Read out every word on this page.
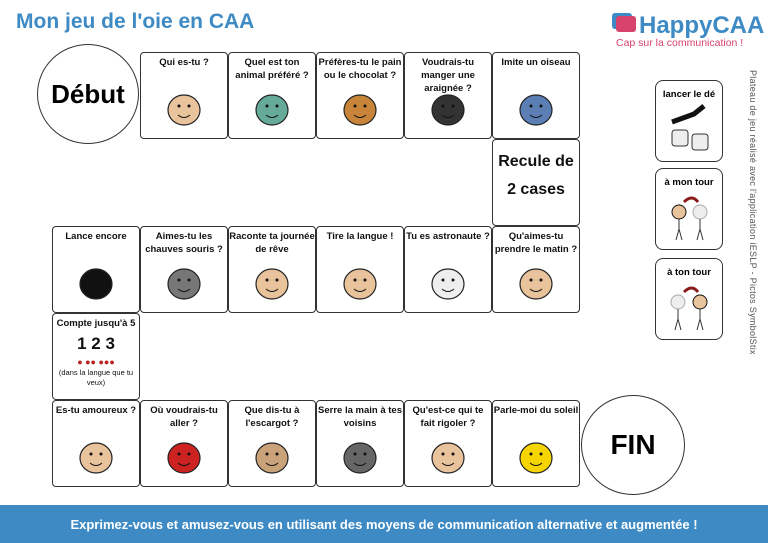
Mon jeu de l'oie en CAA	HappyCAA
Cap sur la communication !
Début
FIN
Qui es-tu ?	Quel est ton animal préféré ?
Préfères-tu le pain ou le chocolat ?
Voudrais-tu manger une araignée ?
Imite un oiseau
Recule de 2 cases
Qu'aimes-tu prendre le matin ?
Tu es astronaute ?
Tire la langue !
Raconte ta journée de rêve
Aimes-tu les chauves souris ?
Lance encore
Compte jusqu'à 5
1 2 3
● ●● ●●●
(dans la langue que tu veux)
Es-tu amoureux ?	Où voudrais-tu aller ?
Que dis-tu à l'escargot ?
Serre la main à tes voisins
Qu'est-ce qui te fait rigoler ?
Parle-moi du soleil
lancer le dé
à mon tour
à ton tour	Plateau de jeu réalisé avec l'application iESLP - Pictos SymbolStix
Exprimez-vous et amusez-vous en utilisant des moyens de communication alternative et augmentée !
